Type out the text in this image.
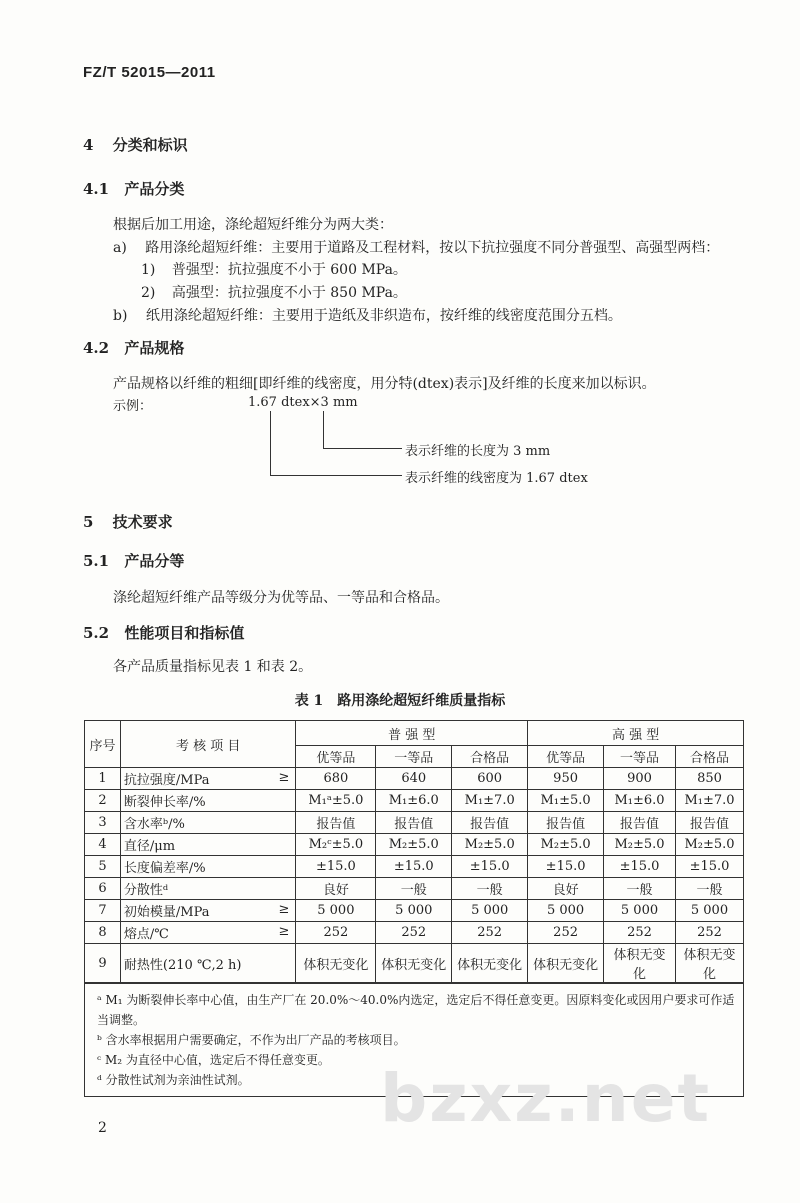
FZ/T 52015—2011
4 分类和标识
4.1 产品分类
根据后加工用途，涤纶超短纤维分为两大类：
a) 路用涤纶超短纤维：主要用于道路及工程材料，按以下抗拉强度不同分普强型、高强型两档：
1) 普强型：抗拉强度不小于 600 MPa。
2) 高强型：抗拉强度不小于 850 MPa。
b) 纸用涤纶超短纤维：主要用于造纸及非织造布，按纤维的线密度范围分五档。
4.2 产品规格
产品规格以纤维的粗细[即纤维的线密度，用分特(dtex)表示]及纤维的长度来加以标识。
示例：	1.67 dtex×3 mm
表示纤维的长度为 3 mm
表示纤维的线密度为 1.67 dtex
5 技术要求
5.1 产品分等
涤纶超短纤维产品等级分为优等品、一等品和合格品。
5.2 性能项目和指标值
各产品质量指标见表 1 和表 2。
表 1　路用涤纶超短纤维质量指标
序号	考 核 项 目	普 强 型			高 强 型		
		优等品	一等品	合格品	优等品	一等品	合格品
1	抗拉强度/MPa ≥	680	640	600	950	900	850
2	断裂伸长率/%	M₁ᵃ±5.0	M₁±6.0	M₁±7.0	M₁±5.0	M₁±6.0	M₁±7.0
3	含水率ᵇ/%	报告值	报告值	报告值	报告值	报告值	报告值
4	直径/μm	M₂ᶜ±5.0	M₂±5.0	M₂±5.0	M₂±5.0	M₂±5.0	M₂±5.0
5	长度偏差率/%	±15.0	±15.0	±15.0	±15.0	±15.0	±15.0
6	分散性ᵈ	良好	一般	一般	良好	一般	一般
7	初始模量/MPa ≥	5 000	5 000	5 000	5 000	5 000	5 000
8	熔点/℃ ≥	252	252	252	252	252	252
9	耐热性(210 ℃,2 h)	体积无变化	体积无变化	体积无变化	体积无变化	体积无变化	体积无变化

ᵃ M₁ 为断裂伸长率中心值，由生产厂在 20.0%～40.0%内选定，选定后不得任意变更。因原料变化或因用户要求可作适当调整。
ᵇ 含水率根据用户需要确定，不作为出厂产品的考核项目。
ᶜ M₂ 为直径中心值，选定后不得任意变更。
ᵈ 分散性试剂为亲油性试剂。								bzxz.net
2
